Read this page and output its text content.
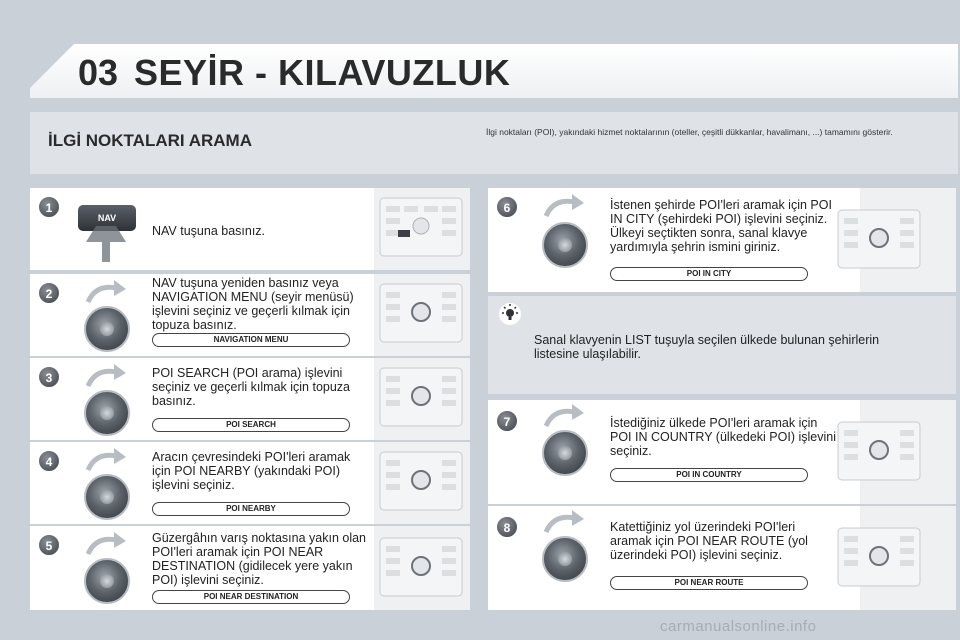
03 SEYİR - KILAVUZLUK
İLGİ NOKTALARI ARAMA	İlgi noktaları (POI), yakındaki hizmet noktalarının (oteller, çeşitli dükkanlar, havalimanı, ...) tamamını gösterir.
1
2
3
4
5
6
7
8
NAV
NAV tuşuna basınız.
NAV tuşuna yeniden basınız veya NAVIGATION MENU (seyir menüsü) işlevini seçiniz ve geçerli kılmak için topuza basınız.
POI SEARCH (POI arama) işlevini seçiniz ve geçerli kılmak için topuza basınız.
Aracın çevresindeki POI'leri aramak için POI NEARBY (yakındaki POI) işlevini seçiniz.
Güzergâhın varış noktasına yakın olan POI'leri aramak için POI NEAR DESTINATION (gidilecek yere yakın POI) işlevini seçiniz.
İstenen şehirde POI'leri aramak için POI IN CITY (şehirdeki POI) işlevini seçiniz. Ülkeyi seçtikten sonra, sanal klavye yardımıyla şehrin ismini giriniz.
Sanal klavyenin LIST tuşuyla seçilen ülkede bulunan şehirlerin listesine ulaşılabilir.
İstediğiniz ülkede POI'leri aramak için POI IN COUNTRY (ülkedeki POI) işlevini seçiniz.
Katettiğiniz yol üzerindeki POI'leri aramak için POI NEAR ROUTE (yol üzerindeki POI) işlevini seçiniz.
NAVIGATION MENU
POI SEARCH
POI NEARBY
POI NEAR DESTINATION
POI IN CITY
POI IN COUNTRY
POI NEAR ROUTE
carmanualsonline.info
